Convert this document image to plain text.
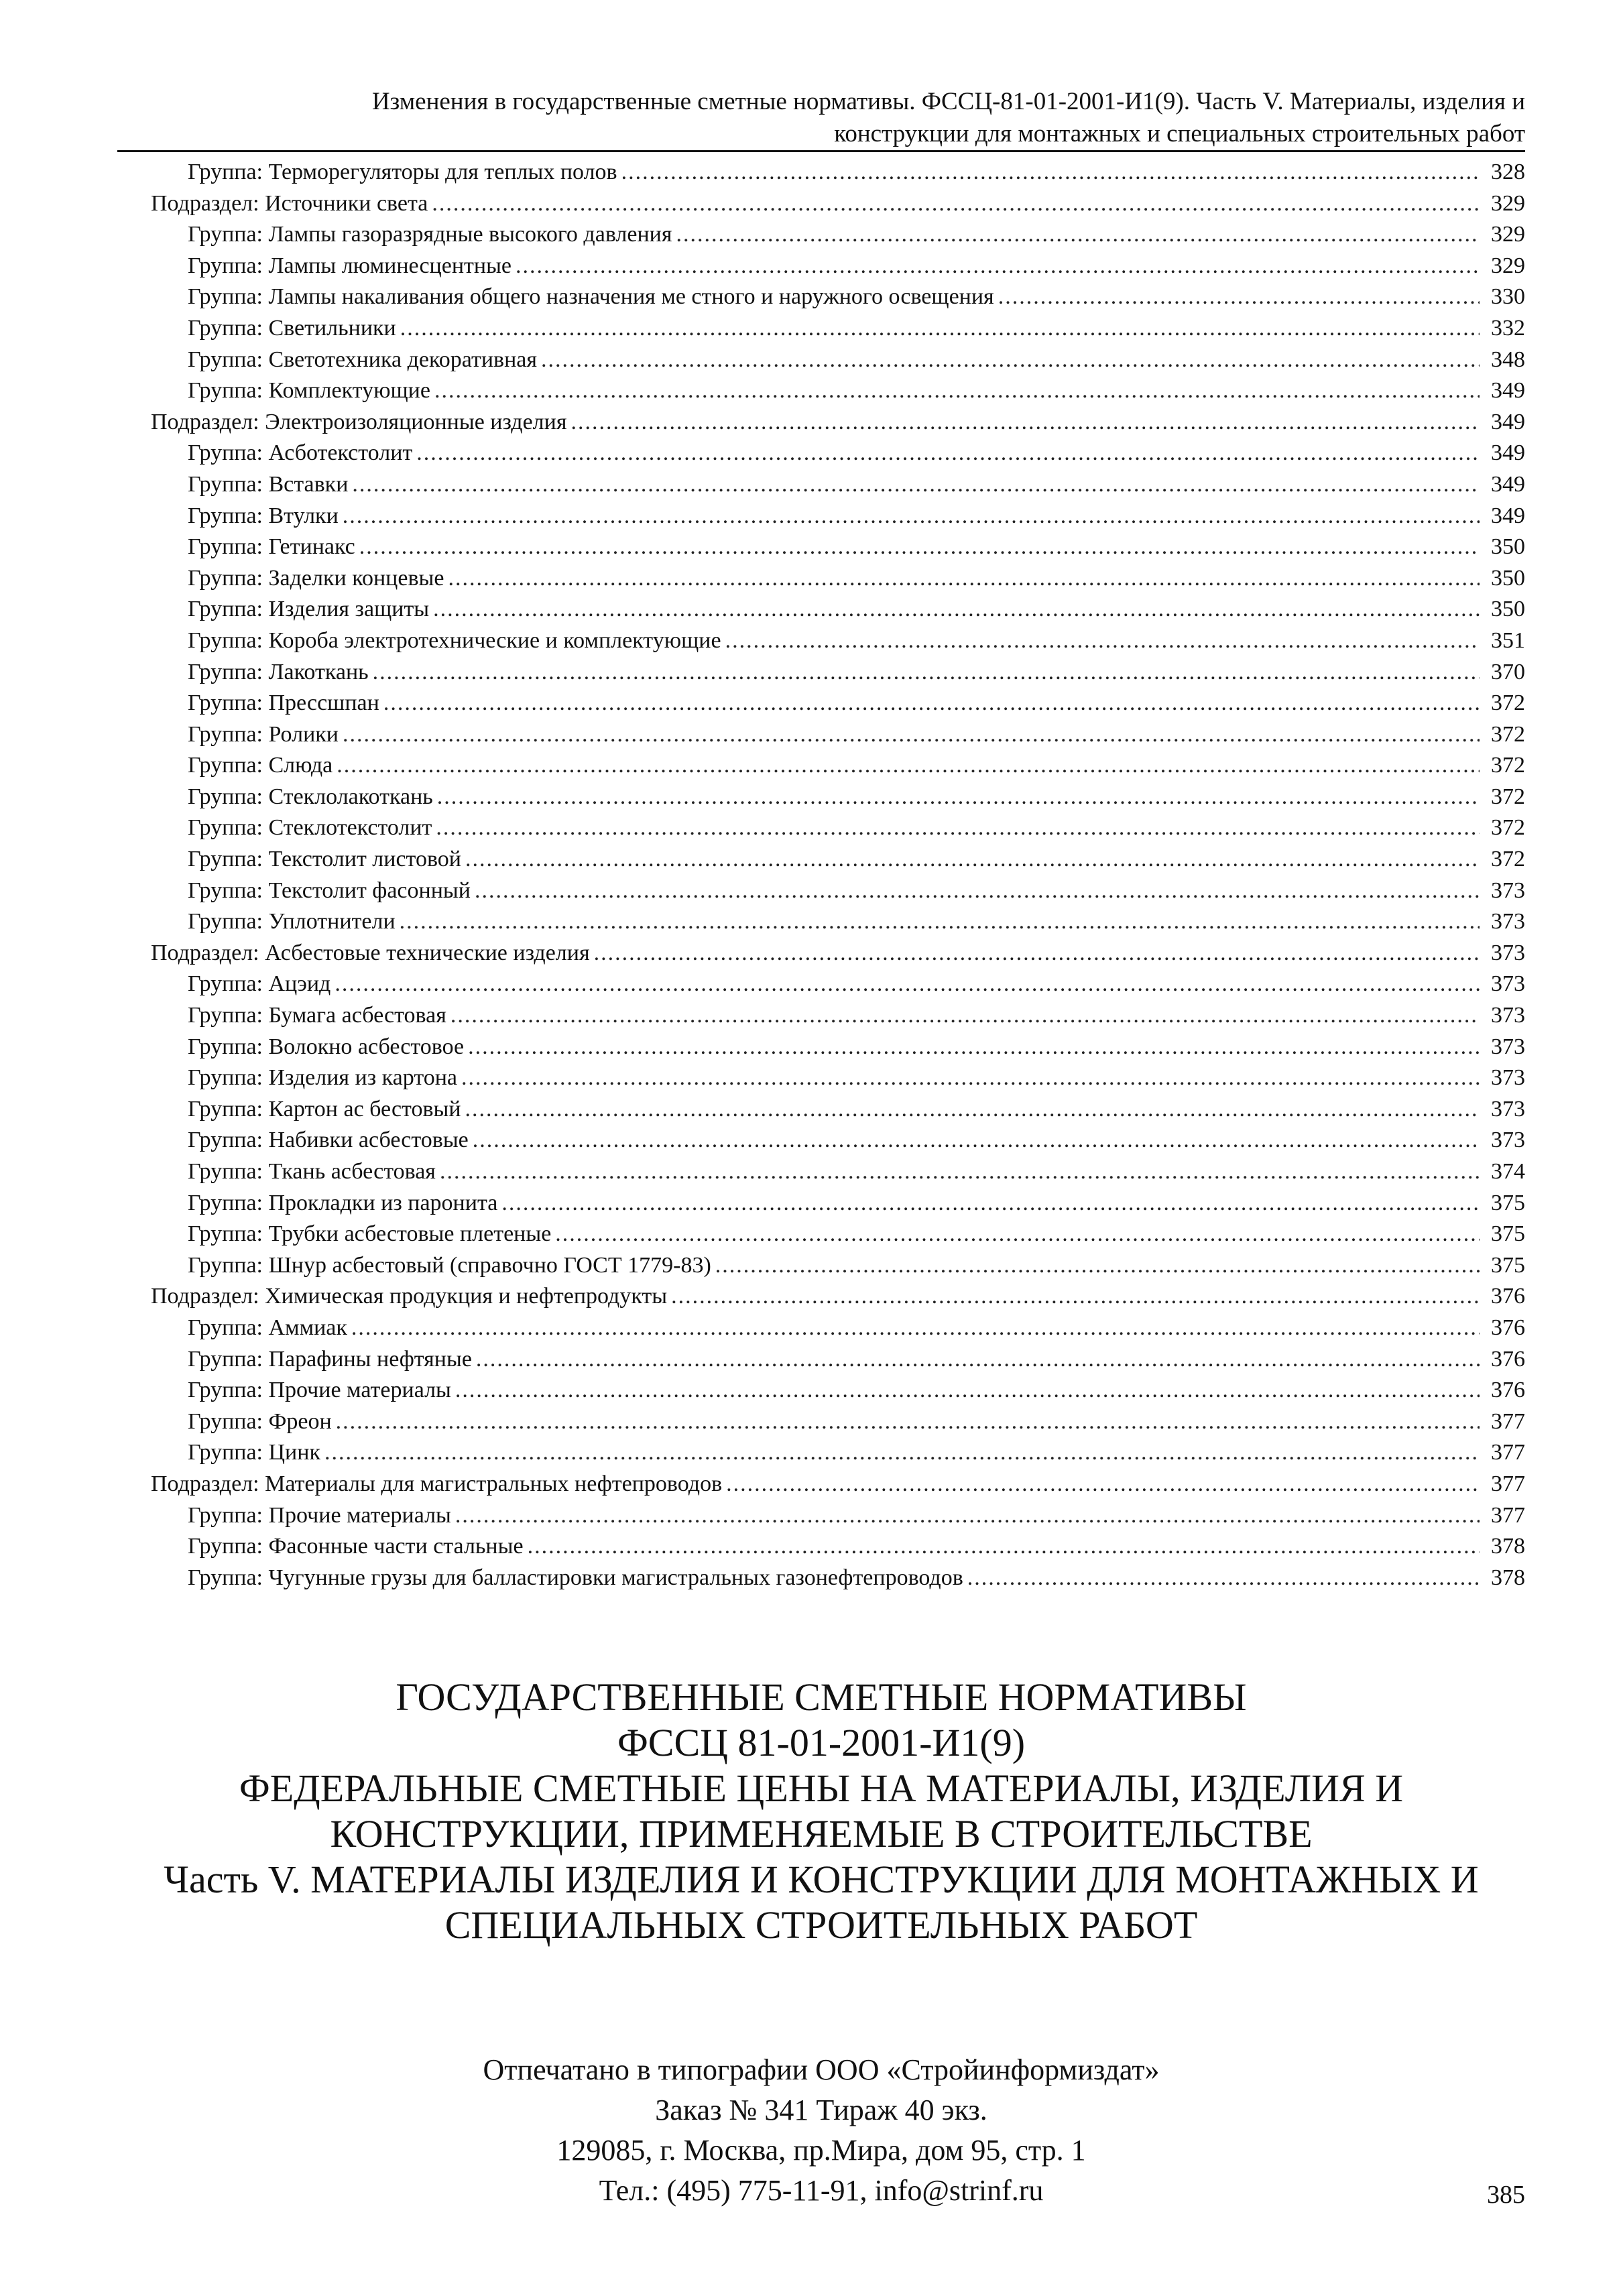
Изменения в государственные сметные нормативы. ФССЦ-81-01-2001-И1(9). Часть V. Материалы, изделия и
конструкции для монтажных и специальных строительных работ
Группа: Терморегуляторы для теплых полов .....	328
Подраздел: Источники света .....	329
Группа: Лампы газоразрядные высокого давления .....	329
Группа: Лампы люминесцентные .....	329
Группа: Лампы накаливания общего назначения ме стного и наружного освещения .....	330
Группа: Светильники .....	332
Группа: Светотехника декоративная .....	348
Группа: Комплектующие .....	349
Подраздел: Электроизоляционные изделия .....	349
Группа: Асботекстолит .....	349
Группа: Вставки .....	349
Группа: Втулки .....	349
Группа: Гетинакс .....	350
Группа: Заделки концевые .....	350
Группа: Изделия защиты .....	350
Группа: Короба электротехнические и комплектующие .....	351
Группа: Лакоткань .....	370
Группа: Прессшпан .....	372
Группа: Ролики .....	372
Группа: Слюда .....	372
Группа: Стеклолакоткань .....	372
Группа: Стеклотекстолит .....	372
Группа: Текстолит листовой .....	372
Группа: Текстолит фасонный .....	373
Группа: Уплотнители .....	373
Подраздел: Асбестовые технические изделия .....	373
Группа: Ацэид .....	373
Группа: Бумага асбестовая .....	373
Группа: Волокно асбестовое .....	373
Группа: Изделия из картона .....	373
Группа: Картон ас бестовый .....	373
Группа: Набивки асбестовые .....	373
Группа: Ткань асбестовая .....	374
Группа: Прокладки из паронита .....	375
Группа: Трубки асбестовые плетеные .....	375
Группа: Шнур асбестовый (справочно ГОСТ 1779-83) .....	375
Подраздел: Химическая продукция и нефтепродукты .....	376
Группа: Аммиак .....	376
Группа: Парафины нефтяные .....	376
Группа: Прочие материалы .....	376
Группа: Фреон .....	377
Группа: Цинк .....	377
Подраздел: Материалы для магистральных нефтепроводов .....	377
Группа: Прочие материалы .....	377
Группа: Фасонные части стальные .....	378
Группа: Чугунные грузы для балластировки магистральных газонефтепроводов .....	378
ГОСУДАРСТВЕННЫЕ СМЕТНЫЕ НОРМАТИВЫ
ФССЦ 81-01-2001-И1(9)
ФЕДЕРАЛЬНЫЕ СМЕТНЫЕ ЦЕНЫ НА МАТЕРИАЛЫ, ИЗДЕЛИЯ И
КОНСТРУКЦИИ, ПРИМЕНЯЕМЫЕ В СТРОИТЕЛЬСТВЕ
Часть V. МАТЕРИАЛЫ ИЗДЕЛИЯ И КОНСТРУКЦИИ ДЛЯ МОНТАЖНЫХ И
СПЕЦИАЛЬНЫХ СТРОИТЕЛЬНЫХ РАБОТ
Отпечатано в типографии ООО «Стройинформиздат»
Заказ № 341 Тираж 40 экз.
129085, г. Москва, пр.Мира, дом 95, стр. 1
Тел.: (495) 775-11-91, info@strinf.ru	385
